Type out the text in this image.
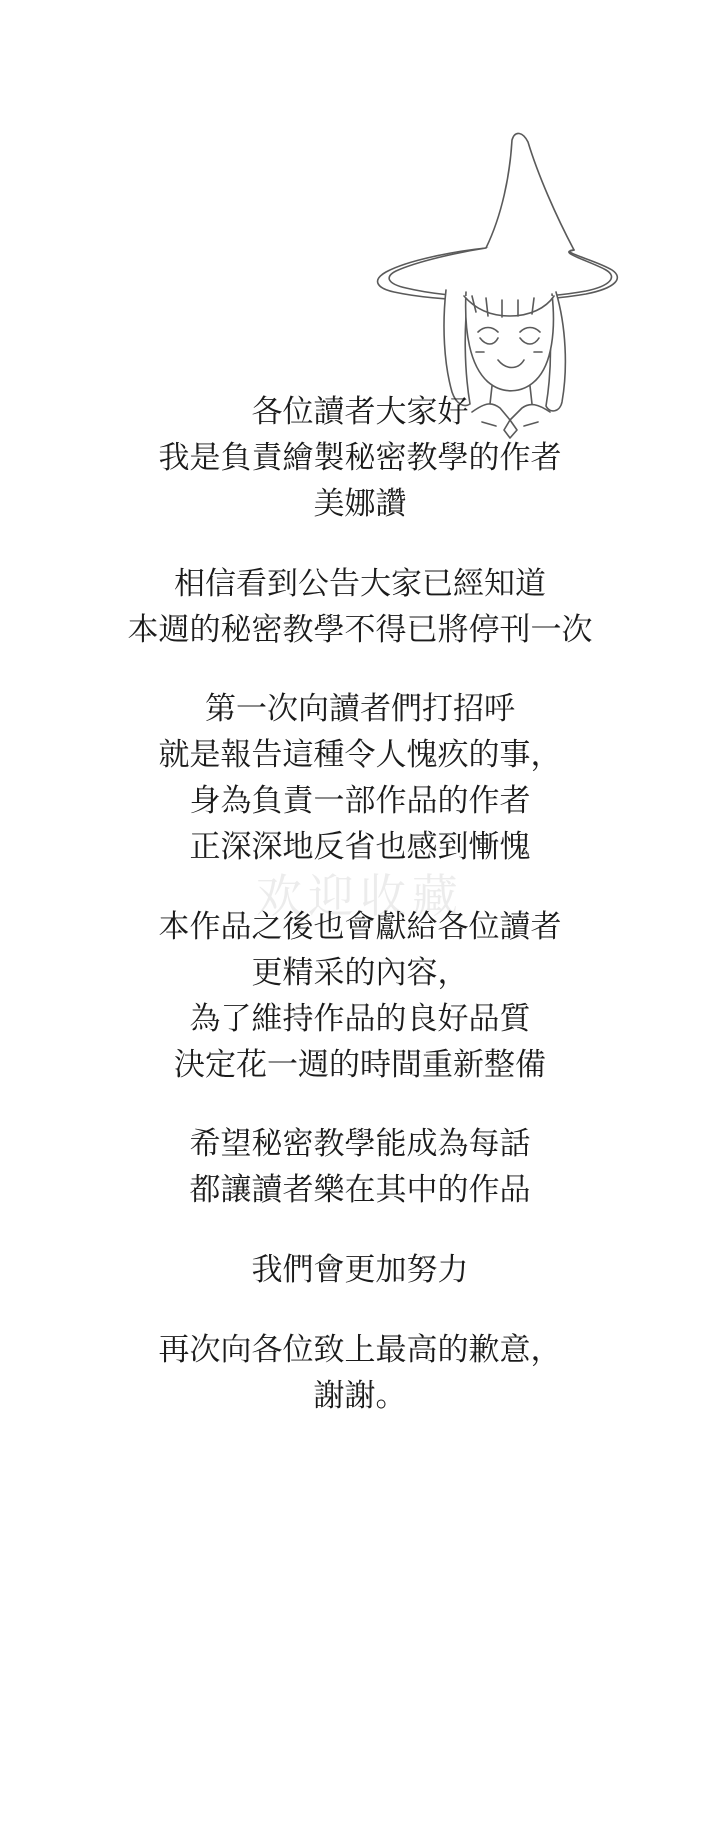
欢迎收藏
各位讀者大家好
我是負責繪製秘密教學的作者
美娜讚
相信看到公告大家已經知道
本週的秘密教學不得已將停刊一次
第一次向讀者們打招呼
就是報告這種令人愧疚的事，
身為負責一部作品的作者
正深深地反省也感到慚愧
本作品之後也會獻給各位讀者
更精采的內容，
為了維持作品的良好品質
決定花一週的時間重新整備
希望秘密教學能成為每話
都讓讀者樂在其中的作品
我們會更加努力
再次向各位致上最高的歉意，
謝謝。
